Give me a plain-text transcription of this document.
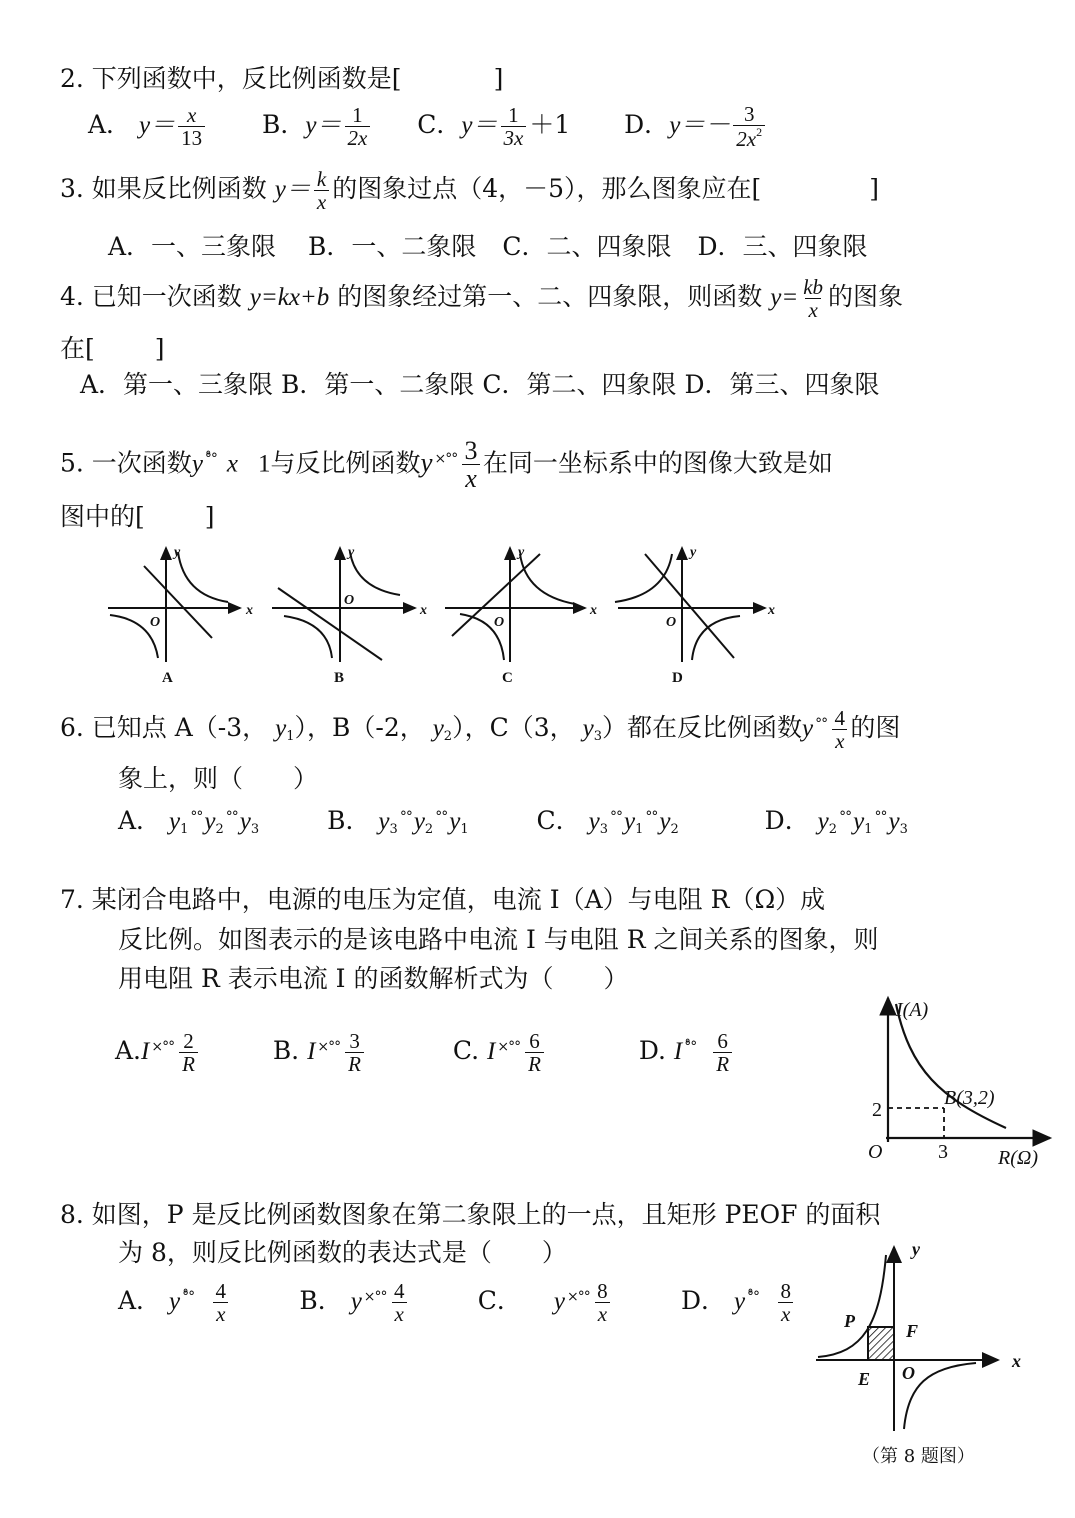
2. 下列函数中，反比例函数是[	]
A． $y= \frac{x}{13}$ B．$y= \frac{1}{2x}$ C．$y= \frac{1}{3x} +1$ D．$y=- \frac{3}{2x^2}$
3. 如果反比例函数 $y= \frac{k}{x}$ 的图象过点（4，－5），那么图象应在[	]
A．一、三象限 B．一、二象限 C．二、四象限 D．三、四象限
4. 已知一次函数 y=kx+b 的图象经过第一、二、四象限，则函数 $y= \frac{kb}{x}$ 的图象
在[ ]
A．第一、三象限 B．第一、二象限 C．第二、四象限 D．第三、四象限
5. 一次函数y °̊° x 1与反比例函数y $^{\times^\circ^\circ} \frac{3}{x}$ 在同一坐标系中的图像大致是如
图中的[ ]
y
x
O
y
x
O
y
x
O
y
x
O
A	B	C	D
6. 已知点 A（-3， $y_1$），B（-2， $y_2$），C（3， $y_3$）都在反比例函数y $^{^\circ^\circ} \frac{4}{x}$ 的图
象上，则（　　）
A． $y_1^{^\circ^\circ}y_2^{^\circ^\circ}y_3$	B． $y_3^{^\circ^\circ}y_2^{^\circ^\circ}y_1$	C． $y_3^{^\circ^\circ}y_1^{^\circ^\circ}y_2$	D． $y_2^{^\circ^\circ}y_1^{^\circ^\circ}y_3$
7. 某闭合电路中，电源的电压为定值，电流 I（A）与电阻 R（Ω）成
反比例。如图表示的是该电路中电流 I 与电阻 R 之间关系的图象，则
用电阻 R 表示电流 I 的函数解析式为（　　）
A.I $^{\times^\circ^\circ} \frac{2}{R}$	B. I $^{\times^\circ^\circ} \frac{3}{R}$	C. I $^{\times^\circ^\circ} \frac{6}{R}$	D. I $^{^\circ̊^\circ} \frac{6}{R}$
I(A)
R(Ω)
O	3
2
B(3,2)
8. 如图，P 是反比例函数图象在第二象限上的一点，且矩形 PEOF 的面积
为 8，则反比例函数的表达式是（　　）
A． y $^{^\circ̊^\circ} \frac{4}{x}$	B． y $^{\times^\circ^\circ} \frac{4}{x}$	C． y $^{\times^\circ^\circ} \frac{8}{x}$	D． y $^{^\circ̊^\circ} \frac{8}{x}$
y
x
P	F
E O
（第 8 题图）
